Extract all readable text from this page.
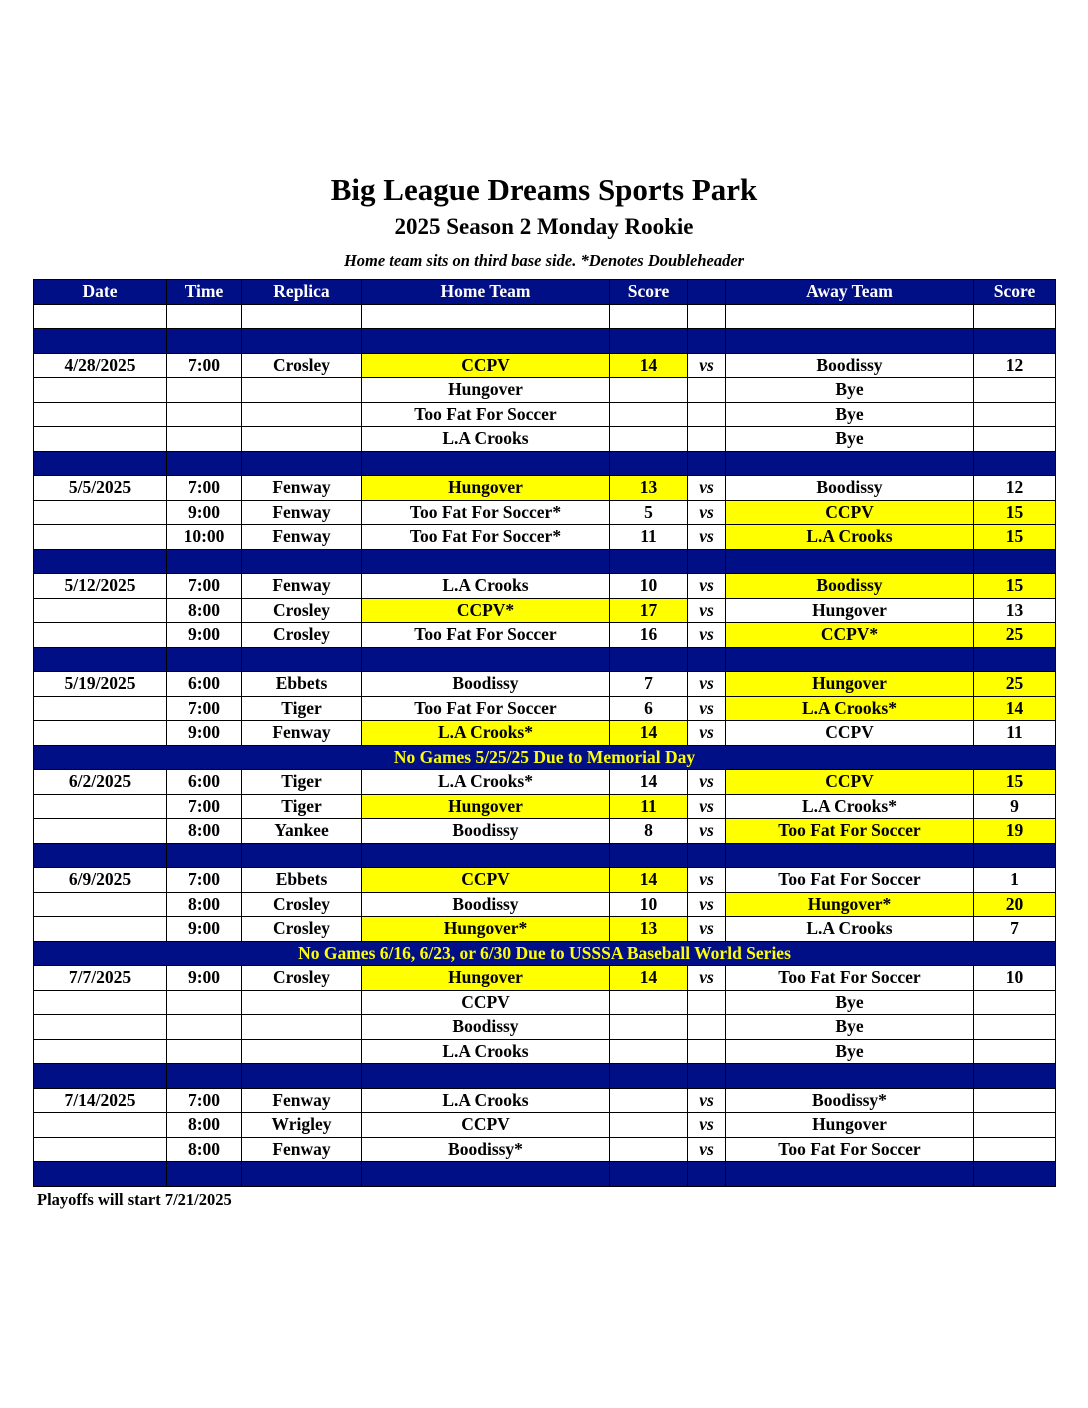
Big League Dreams Sports Park
2025 Season 2 Monday Rookie
Home team sits on third base side. *Denotes Doubleheader
Date	Time	Replica	Home Team	Score		Away Team	Score

4/28/2025	7:00	Crosley	CCPV	14	vs	Boodissy	12
			Hungover			Bye	
			Too Fat For Soccer			Bye	
			L.A Crooks			Bye	

5/5/2025	7:00	Fenway	Hungover	13	vs	Boodissy	12
	9:00	Fenway	Too Fat For Soccer*	5	vs	CCPV	15
	10:00	Fenway	Too Fat For Soccer*	11	vs	L.A Crooks	15

5/12/2025	7:00	Fenway	L.A Crooks	10	vs	Boodissy	15
	8:00	Crosley	CCPV*	17	vs	Hungover	13
	9:00	Crosley	Too Fat For Soccer	16	vs	CCPV*	25

5/19/2025	6:00	Ebbets	Boodissy	7	vs	Hungover	25
	7:00	Tiger	Too Fat For Soccer	6	vs	L.A Crooks*	14
	9:00	Fenway	L.A Crooks*	14	vs	CCPV	11
No Games 5/25/25 Due to Memorial Day							
6/2/2025	6:00	Tiger	L.A Crooks*	14	vs	CCPV	15
	7:00	Tiger	Hungover	11	vs	L.A Crooks*	9
	8:00	Yankee	Boodissy	8	vs	Too Fat For Soccer	19

6/9/2025	7:00	Ebbets	CCPV	14	vs	Too Fat For Soccer	1
	8:00	Crosley	Boodissy	10	vs	Hungover*	20
	9:00	Crosley	Hungover*	13	vs	L.A Crooks	7
No Games 6/16, 6/23, or 6/30 Due to USSSA Baseball World Series							
7/7/2025	9:00	Crosley	Hungover	14	vs	Too Fat For Soccer	10
			CCPV			Bye	
			Boodissy			Bye	
			L.A Crooks			Bye	

7/14/2025	7:00	Fenway	L.A Crooks		vs	Boodissy*	
	8:00	Wrigley	CCPV		vs	Hungover	
	8:00	Fenway	Boodissy*		vs	Too Fat For Soccer	

Playoffs will start 7/21/2025
